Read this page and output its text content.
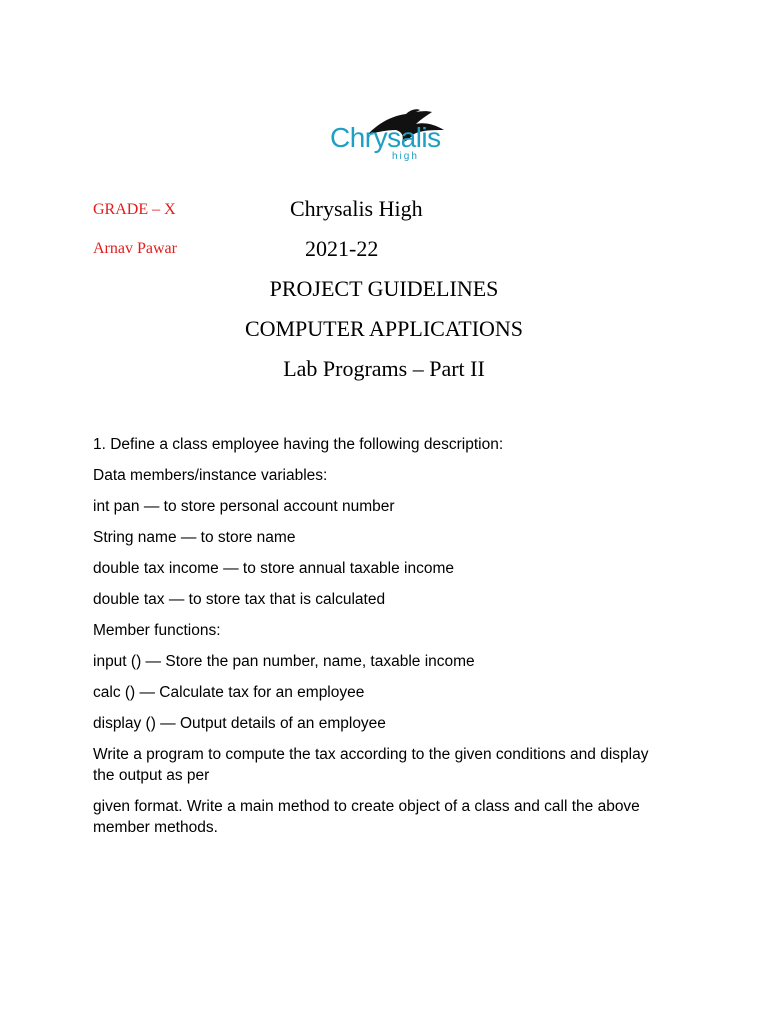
Chrysalis
high
GRADE – X
Arnav Pawar
Chrysalis High
2021-22
PROJECT GUIDELINES
COMPUTER APPLICATIONS
Lab Programs – Part II

1. Define a class employee having the following description:

Data members/instance variables:

int pan — to store personal account number

String name — to store name

double tax income — to store annual taxable income

double tax — to store tax that is calculated

Member functions:

input () — Store the pan number, name, taxable income

calc () — Calculate tax for an employee

display () — Output details of an employee

Write a program to compute the tax according to the given conditions and display the output as per

given format. Write a main method to create object of a class and call the above member methods.
